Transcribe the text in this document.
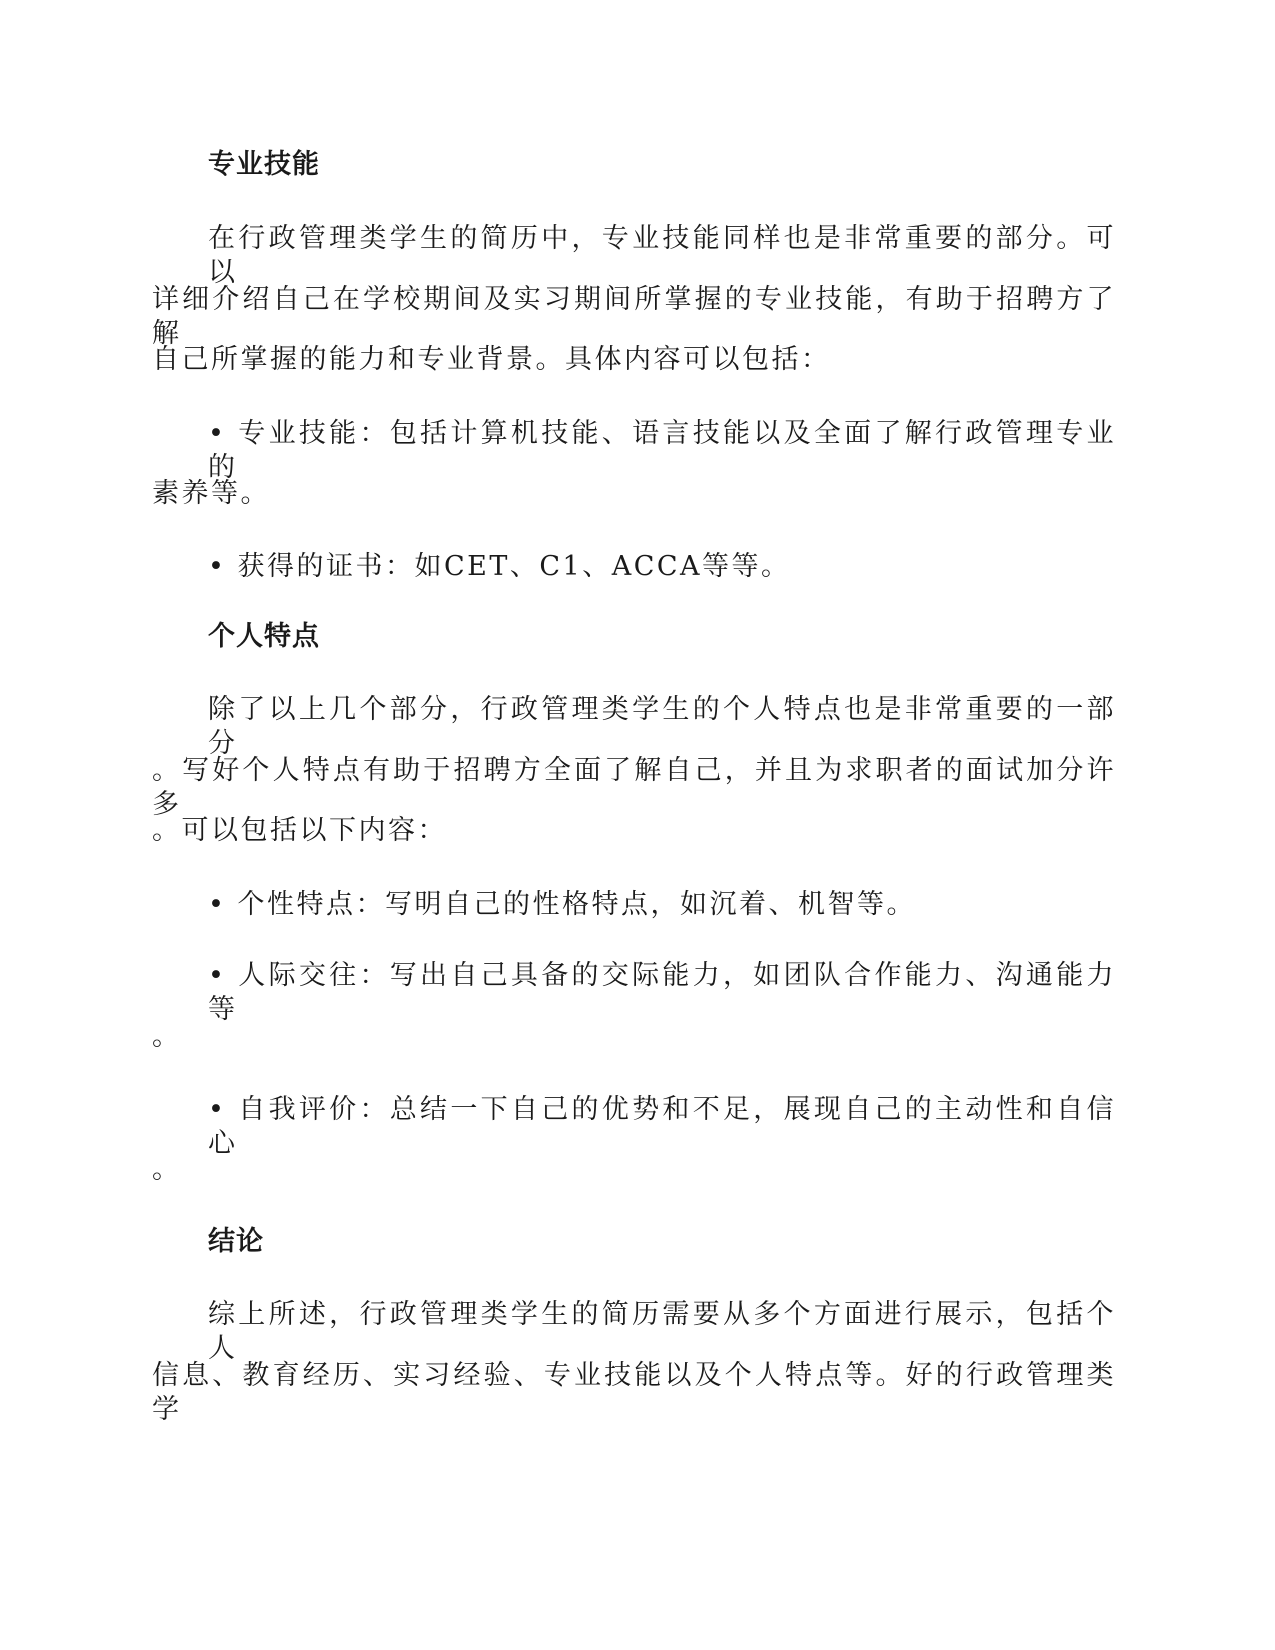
专业技能

在行政管理类学生的简历中，专业技能同样也是非常重要的部分。可以

详细介绍自己在学校期间及实习期间所掌握的专业技能，有助于招聘方了解

自己所掌握的能力和专业背景。具体内容可以包括：

• 专业技能：包括计算机技能、语言技能以及全面了解行政管理专业的

素养等。

• 获得的证书：如CET、C1、ACCA等等。

个人特点

除了以上几个部分，行政管理类学生的个人特点也是非常重要的一部分

。写好个人特点有助于招聘方全面了解自己，并且为求职者的面试加分许多

。可以包括以下内容：

• 个性特点：写明自己的性格特点，如沉着、机智等。

• 人际交往：写出自己具备的交际能力，如团队合作能力、沟通能力等

。

• 自我评价：总结一下自己的优势和不足，展现自己的主动性和自信心

。

结论

综上所述，行政管理类学生的简历需要从多个方面进行展示，包括个人

信息、教育经历、实习经验、专业技能以及个人特点等。好的行政管理类学
